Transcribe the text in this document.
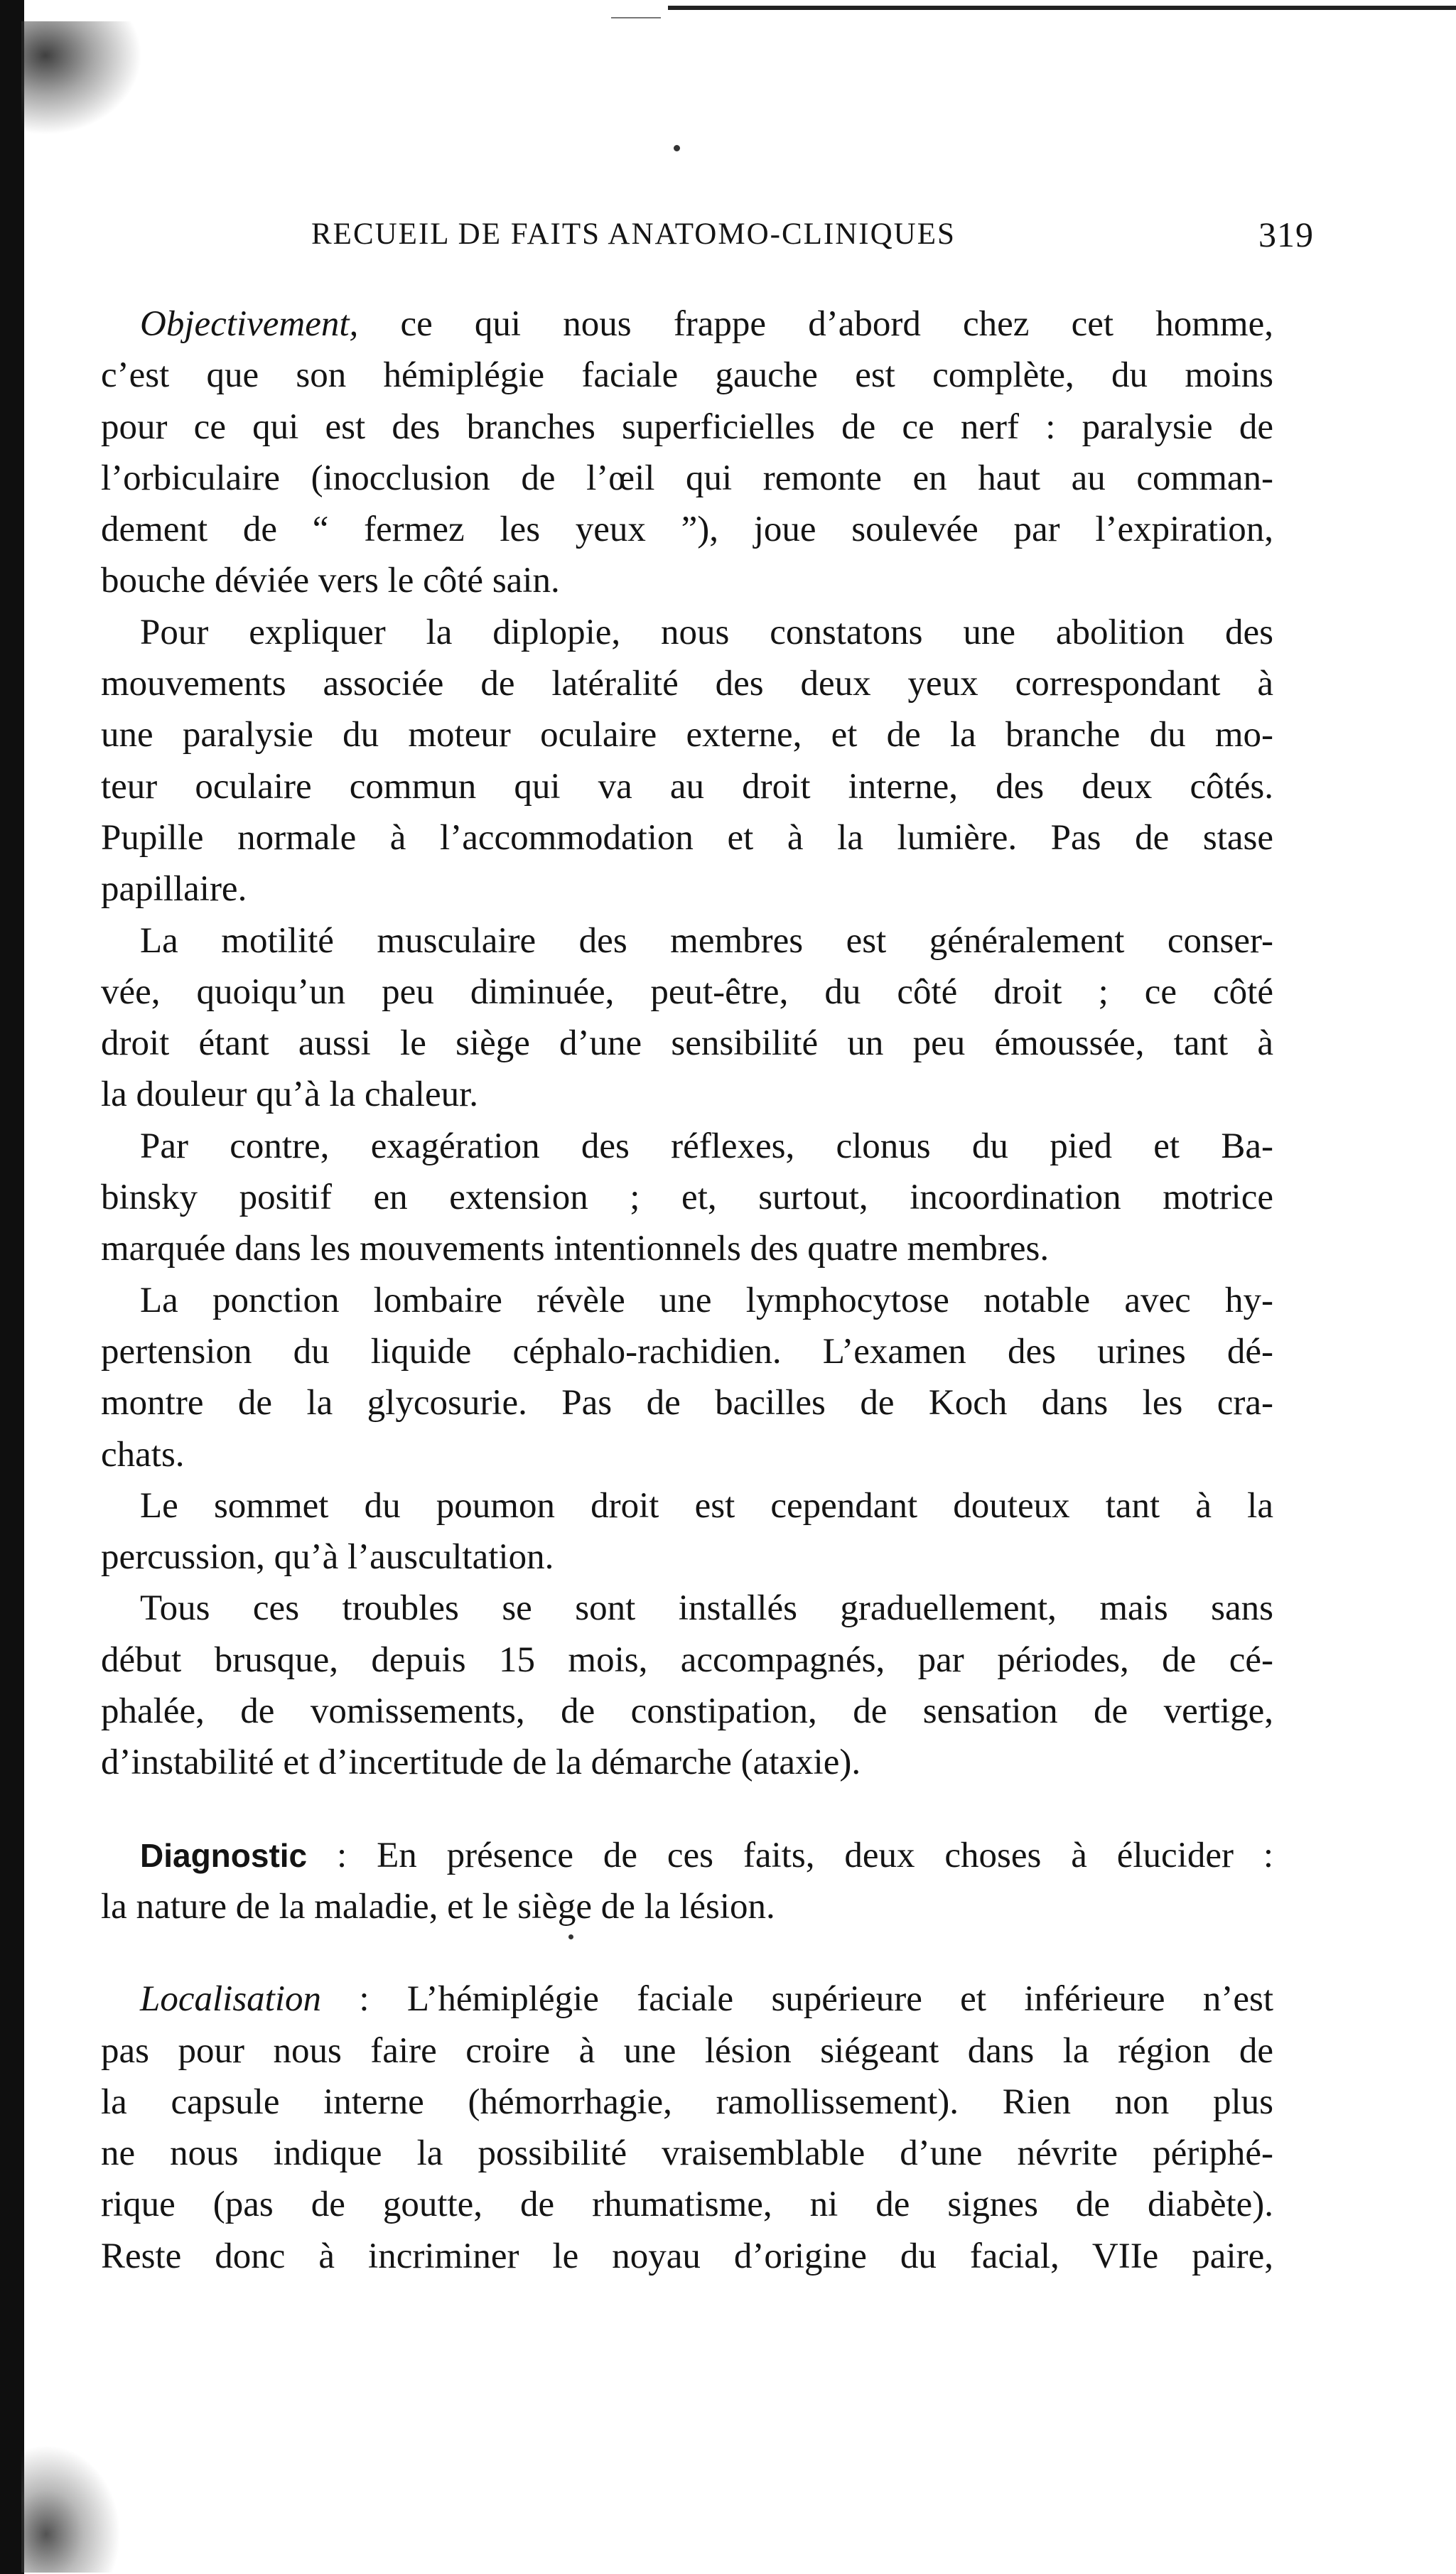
RECUEIL DE FAITS ANATOMO-CLINIQUES	319
Objectivement, ce qui nous frappe d’abord chez cet homme,
c’est que son hémiplégie faciale gauche est complète, du moins
pour ce qui est des branches superficielles de ce nerf : paralysie de
l’orbiculaire (inocclusion de l’œil qui remonte en haut au comman-
dement de “ fermez les yeux ”), joue soulevée par l’expiration,
bouche déviée vers le côté sain.
Pour expliquer la diplopie, nous constatons une abolition des
mouvements associée de latéralité des deux yeux correspondant à
une paralysie du moteur oculaire externe, et de la branche du mo-
teur oculaire commun qui va au droit interne, des deux côtés.
Pupille normale à l’accommodation et à la lumière. Pas de stase
papillaire.
La motilité musculaire des membres est généralement conser-
vée, quoiqu’un peu diminuée, peut-être, du côté droit ; ce côté
droit étant aussi le siège d’une sensibilité un peu émoussée, tant à
la douleur qu’à la chaleur.
Par contre, exagération des réflexes, clonus du pied et Ba-
binsky positif en extension ; et, surtout, incoordination motrice
marquée dans les mouvements intentionnels des quatre membres.
La ponction lombaire révèle une lymphocytose notable avec hy-
pertension du liquide céphalo-rachidien. L’examen des urines dé-
montre de la glycosurie. Pas de bacilles de Koch dans les cra-
chats.
Le sommet du poumon droit est cependant douteux tant à la
percussion, qu’à l’auscultation.
Tous ces troubles se sont installés graduellement, mais sans
début brusque, depuis 15 mois, accompagnés, par périodes, de cé-
phalée, de vomissements, de constipation, de sensation de vertige,
d’instabilité et d’incertitude de la démarche (ataxie).
Diagnostic : En présence de ces faits, deux choses à élucider :
la nature de la maladie, et le siège de la lésion.
Localisation : L’hémiplégie faciale supérieure et inférieure n’est
pas pour nous faire croire à une lésion siégeant dans la région de
la capsule interne (hémorrhagie, ramollissement). Rien non plus
ne nous indique la possibilité vraisemblable d’une névrite périphé-
rique (pas de goutte, de rhumatisme, ni de signes de diabète).
Reste donc à incriminer le noyau d’origine du facial, VIIe paire,
